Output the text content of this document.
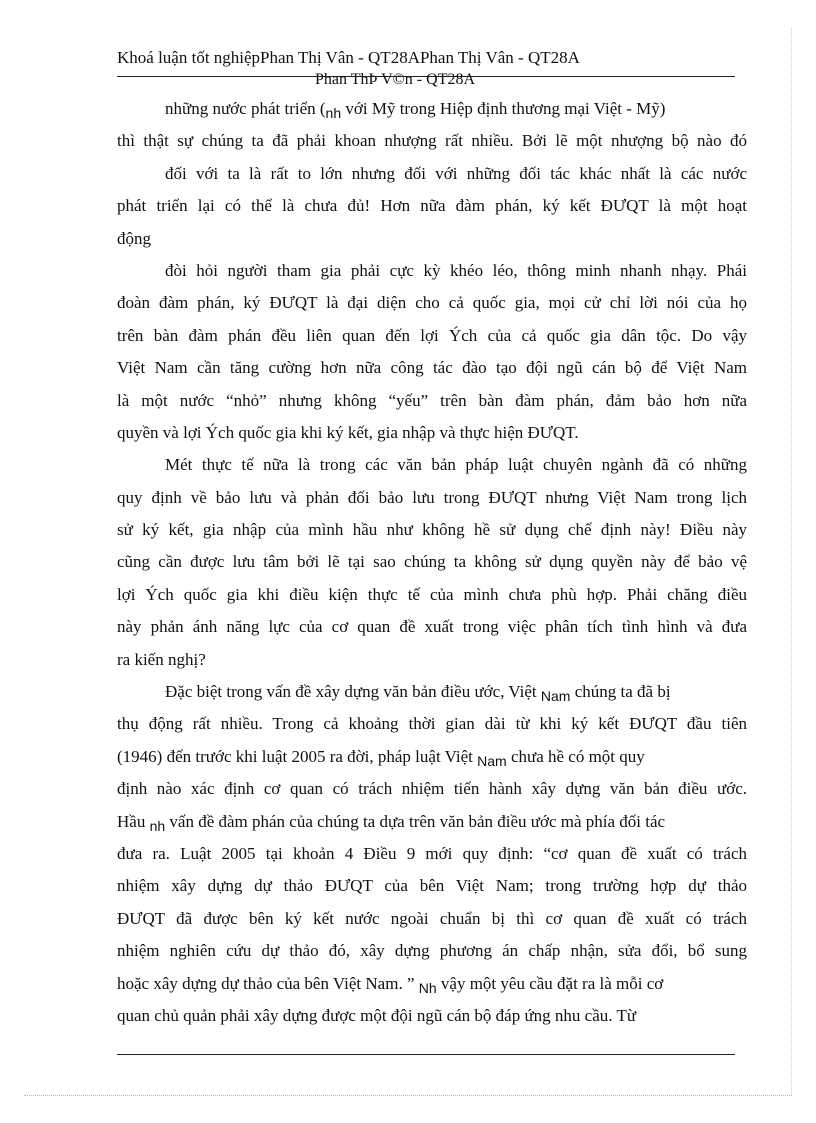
Khoá luận tốt nghiệpPhan Thị Vân - QT28APhan Thị Vân - QT28A
Phan ThÞ V©n - QT28A
những nước phát triển ($_{nh}$ với Mỹ trong Hiệp định thương mại Việt - Mỹ)
thì thật sự chúng ta đã phải khoan nhượng rất nhiều. Bởi lẽ một nhượng bộ nào đó
đối với ta là rất to lớn nhưng đối với những đối tác khác nhất là các nước
phát triển lại có thể là chưa đủ! Hơn nữa đàm phán, ký kết ĐƯQT là một hoạt
động
đòi hỏi người tham gia phải cực kỳ khéo léo, thông minh nhanh nhạy. Phái
đoàn đàm phán, ký ĐƯQT là đại diện cho cả quốc gia, mọi cử chỉ lời nói của họ
trên bàn đàm phán đều liên quan đến lợi Ých của cả quốc gia dân tộc. Do vậy
Việt Nam cần tăng cường hơn nữa công tác đào tạo đội ngũ cán bộ để Việt Nam
là một nước “nhỏ” nhưng không “yếu” trên bàn đàm phán, đảm bảo hơn nữa
quyền và lợi Ých quốc gia khi ký kết, gia nhập và thực hiện ĐƯQT.
Mét thực tế nữa là trong các văn bản pháp luật chuyên ngành đã có những
quy định về bảo lưu và phản đối bảo lưu trong ĐƯQT nhưng Việt Nam trong lịch
sử ký kết, gia nhập của mình hầu như không hề sử dụng chế định này! Điều này
cũng cần được lưu tâm bởi lẽ tại sao chúng ta không sử dụng quyền này để bảo vệ
lợi Ých quốc gia khi điều kiện thực tế của mình chưa phù hợp. Phải chăng điều
này phản ánh năng lực của cơ quan đề xuất trong việc phân tích tình hình và đưa
ra kiến nghị?
Đặc biệt trong vấn đề xây dựng văn bản điều ước, Việt $_{Nam}$ chúng ta đã bị
thụ động rất nhiều. Trong cả khoảng thời gian dài từ khi ký kết ĐƯQT đầu tiên
(1946) đến trước khi luật 2005 ra đời, pháp luật Việt $_{Nam}$ chưa hề có một quy
định nào xác định cơ quan có trách nhiệm tiến hành xây dựng văn bản điều ước.
Hầu $_{nh}$ vấn đề đàm phán của chúng ta dựa trên văn bản điều ước mà phía đối tác
đưa ra. Luật 2005 tại khoản 4 Điều 9 mới quy định: “cơ quan đề xuất có trách
nhiệm xây dựng dự thảo ĐƯQT của bên Việt Nam; trong trường hợp dự thảo
ĐƯQT đã được bên ký kết nước ngoài chuẩn bị thì cơ quan đề xuất có trách
nhiệm nghiên cứu dự thảo đó, xây dựng phương án chấp nhận, sửa đổi, bổ sung
hoặc xây dựng dự thảo của bên Việt Nam. ” $_{Nh}$ vậy một yêu cầu đặt ra là mỗi cơ
quan chủ quản phải xây dựng được một đội ngũ cán bộ đáp ứng nhu cầu. Từ
